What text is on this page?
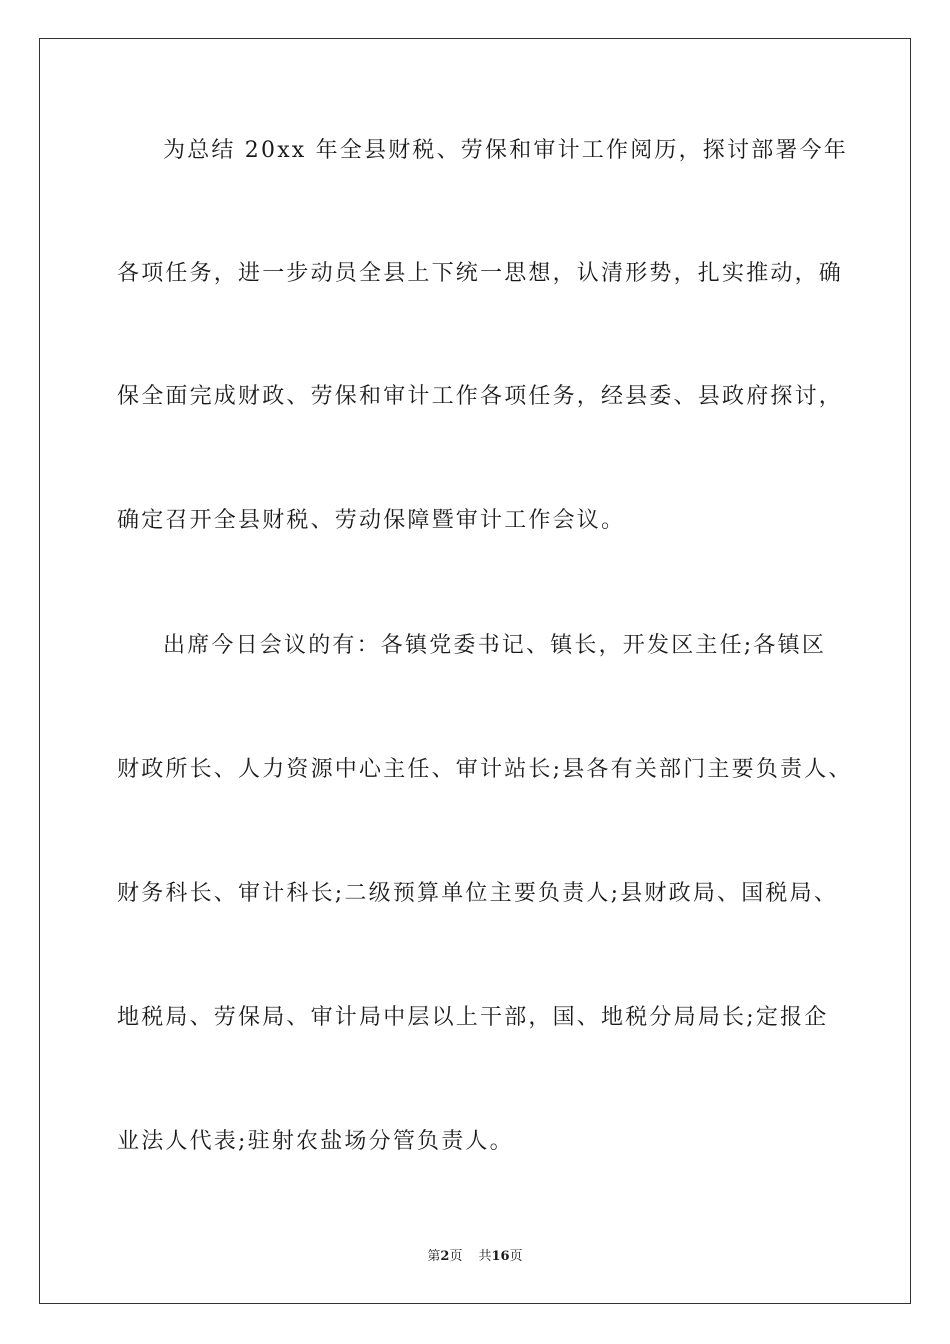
为总结 20xx 年全县财税、劳保和审计工作阅历，探讨部署今年
各项任务，进一步动员全县上下统一思想，认清形势，扎实推动，确
保全面完成财政、劳保和审计工作各项任务，经县委、县政府探讨，
确定召开全县财税、劳动保障暨审计工作会议。
出席今日会议的有：各镇党委书记、镇长，开发区主任;各镇区
财政所长、人力资源中心主任、审计站长;县各有关部门主要负责人、
财务科长、审计科长;二级预算单位主要负责人;县财政局、国税局、
地税局、劳保局、审计局中层以上干部，国、地税分局局长;定报企
业法人代表;驻射农盐场分管负责人。
第2页 共16页
